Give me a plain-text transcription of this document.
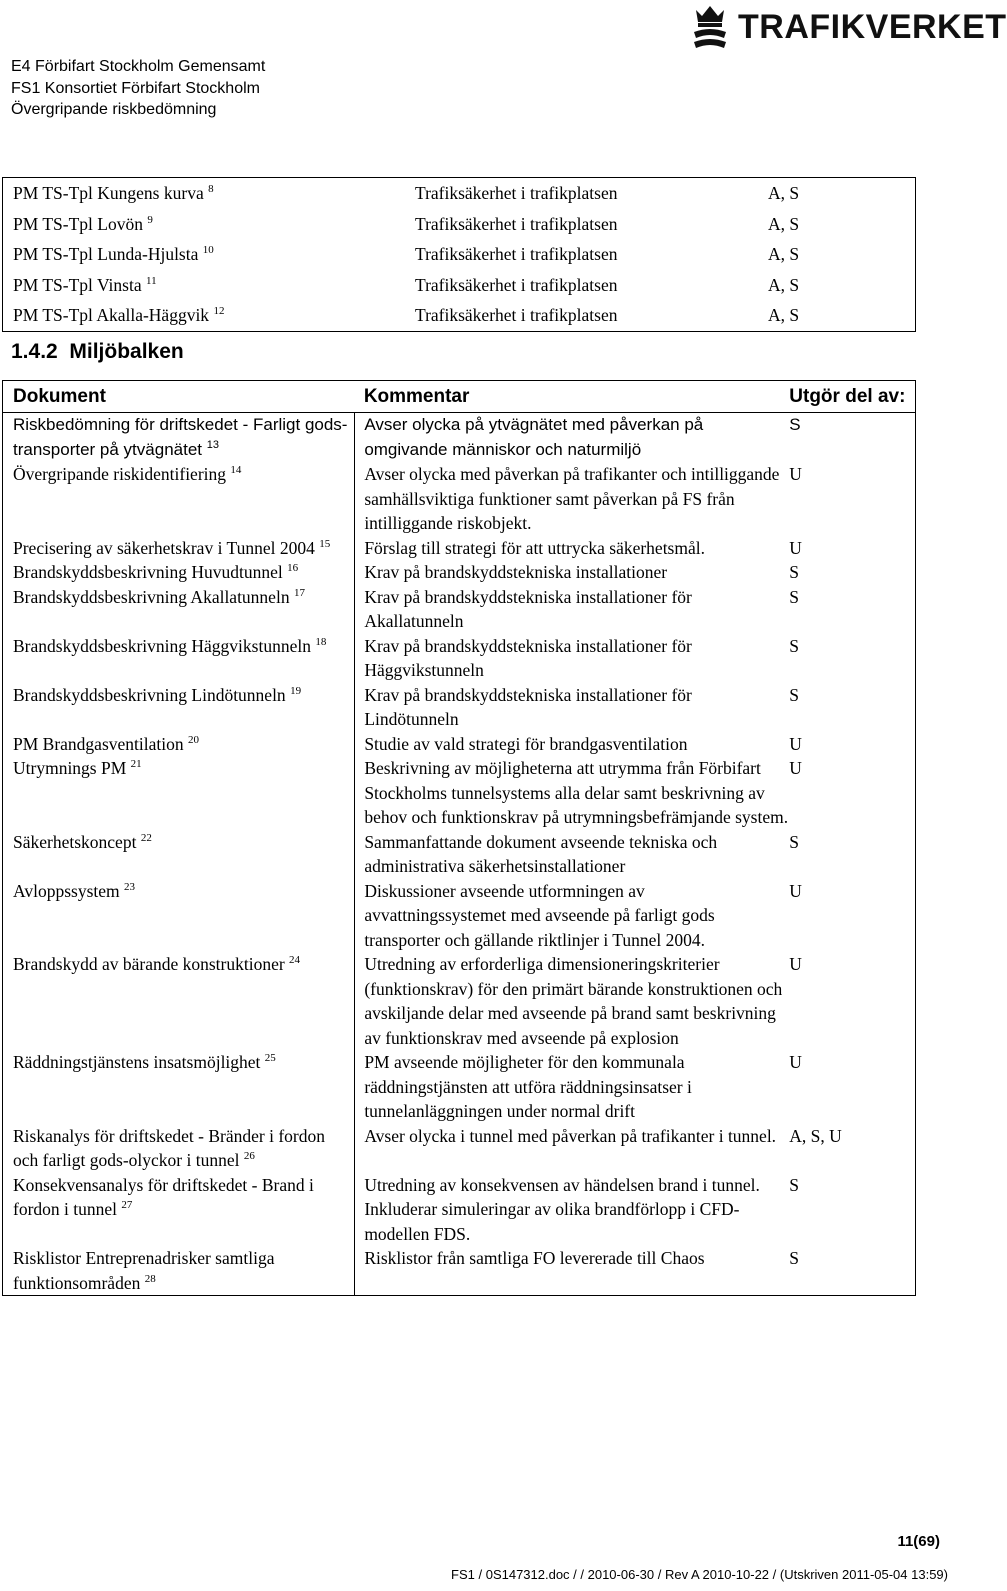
E4 Förbifart Stockholm Gemensamt
FS1 Konsortiet Förbifart Stockholm
Övergripande riskbedömning
TRAFIKVERKET
PM TS-Tpl Kungens kurva $^8$	Trafiksäkerhet i trafikplatsen	A, S
PM TS-Tpl Lovön $^9$	Trafiksäkerhet i trafikplatsen	A, S
PM TS-Tpl Lunda-Hjulsta $^{10}$	Trafiksäkerhet i trafikplatsen	A, S
PM TS-Tpl Vinsta $^{11}$	Trafiksäkerhet i trafikplatsen	A, S
PM TS-Tpl Akalla-Häggvik $^{12}$	Trafiksäkerhet i trafikplatsen	A, S
1.4.2 Miljöbalken
Dokument	Kommentar	Utgör del av:
Riskbedömning för driftskedet - Farligt gods-transporter på ytvägnätet $^{13}$	Avser olycka på ytvägnätet med påverkan på omgivande människor och naturmiljö	S
Övergripande riskidentifiering $^{14}$	Avser olycka med påverkan på trafikanter och intilliggande samhällsviktiga funktioner samt påverkan på FS från intilliggande riskobjekt.	U
Precisering av säkerhetskrav i Tunnel 2004 $^{15}$	Förslag till strategi för att uttrycka säkerhetsmål.	U
Brandskyddsbeskrivning Huvudtunnel $^{16}$	Krav på brandskyddstekniska installationer	S
Brandskyddsbeskrivning Akallatunneln $^{17}$	Krav på brandskyddstekniska installationer för Akallatunneln	S
Brandskyddsbeskrivning Häggvikstunneln $^{18}$	Krav på brandskyddstekniska installationer för Häggvikstunneln	S
Brandskyddsbeskrivning Lindötunneln $^{19}$	Krav på brandskyddstekniska installationer för Lindötunneln	S
PM Brandgasventilation $^{20}$	Studie av vald strategi för brandgasventilation	U
Utrymnings PM $^{21}$	Beskrivning av möjligheterna att utrymma från Förbifart Stockholms tunnelsystems alla delar samt beskrivning av behov och funktionskrav på utrymningsbefrämjande system.	U
Säkerhetskoncept $^{22}$	Sammanfattande dokument avseende tekniska och administrativa säkerhetsinstallationer	S
Avloppssystem $^{23}$	Diskussioner avseende utformningen av avvattningssystemet med avseende på farligt gods transporter och gällande riktlinjer i Tunnel 2004.	U
Brandskydd av bärande konstruktioner $^{24}$	Utredning av erforderliga dimensioneringskriterier (funktionskrav) för den primärt bärande konstruktionen och avskiljande delar med avseende på brand samt beskrivning av funktionskrav med avseende på explosion	U
Räddningstjänstens insatsmöjlighet $^{25}$	PM avseende möjligheter för den kommunala räddningstjänsten att utföra räddningsinsatser i tunnelanläggningen under normal drift	U
Riskanalys för driftskedet - Bränder i fordon och farligt gods-olyckor i tunnel $^{26}$	Avser olycka i tunnel med påverkan på trafikanter i tunnel.	A, S, U
Konsekvensanalys för driftskedet - Brand i fordon i tunnel $^{27}$	Utredning av konsekvensen av händelsen brand i tunnel. Inkluderar simuleringar av olika brandförlopp i CFD-modellen FDS.	S
Risklistor Entreprenadrisker samtliga funktionsområden $^{28}$	Risklistor från samtliga FO levererade till Chaos	S
11(69)
FS1 / 0S147312.doc / / 2010-06-30 / Rev A 2010-10-22 / (Utskriven 2011-05-04 13:59)
